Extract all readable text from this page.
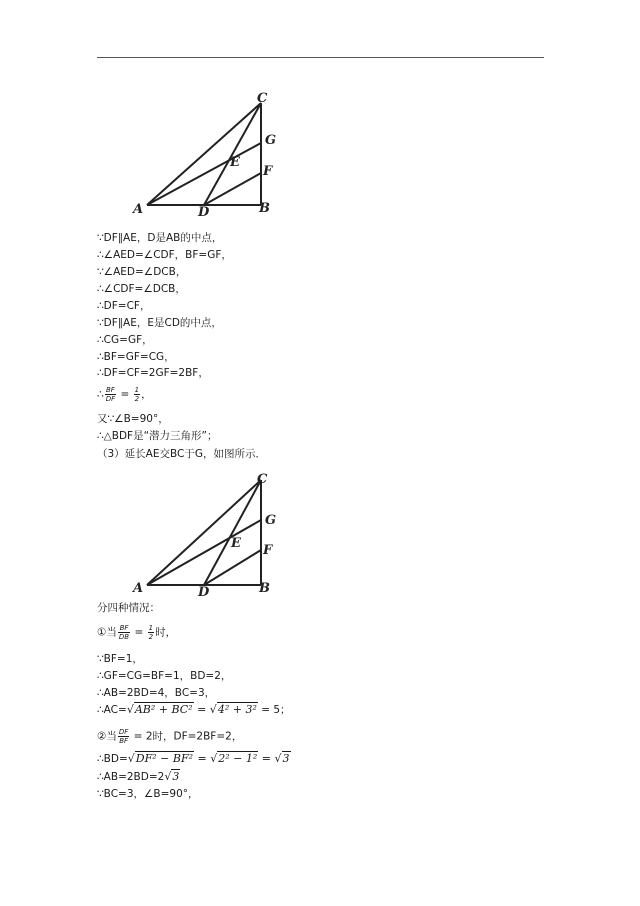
C
G
E
F
A	D	B
∵DF∥AE，D是AB的中点，
∴∠AED=∠CDF，BF=GF，
∵∠AED=∠DCB，
∴∠CDF=∠DCB，
∴DF=CF，
∵DF∥AE，E是CD的中点，
∴CG=GF，
∴BF=GF=CG，
∴DF=CF=2GF=2BF，
∴ $\frac{BF}{DF} = \frac{1}{2}$ ，
又∵∠B=90°，
∴△BDF是“潜力三角形”；
（3）延长AE交BC于G，如图所示．
C
G
E F
A	D	B
分四种情况：
①当 $\frac{BF}{DB} = \frac{1}{2}$ 时，
∵BF=1，
∴GF=CG=BF=1，BD=2，
∴AB=2BD=4，BC=3，
∴AC=√AB² + BC² = √4² + 3² = 5；
②当 $\frac{DF}{BF} = 2$时，DF=2BF=2，
∴BD=√DF² − BF² = √2² − 1² = √3
∴AB=2BD=2√3
∵BC=3，∠B=90°，
